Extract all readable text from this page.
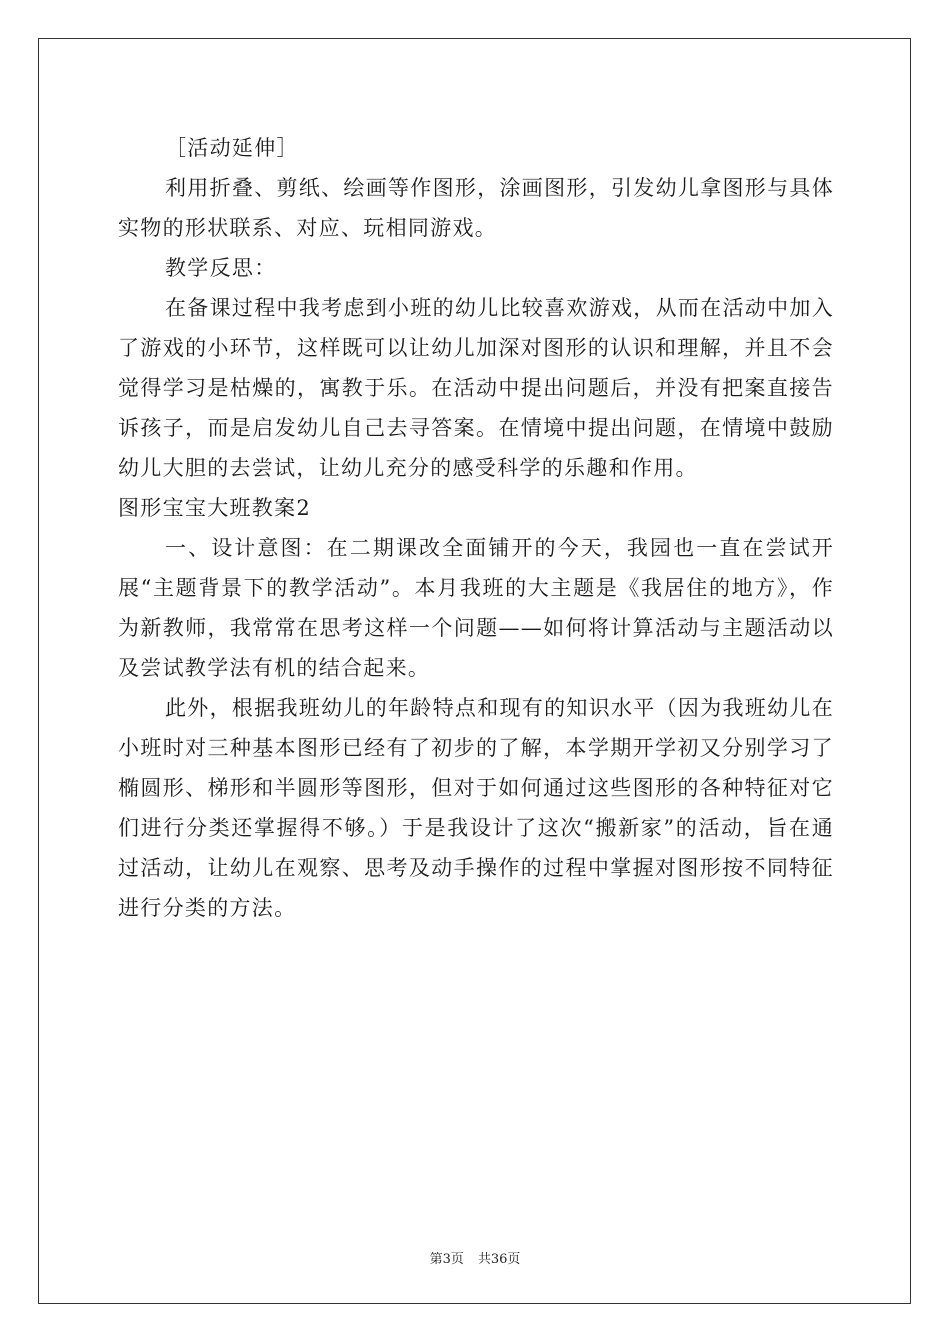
［活动延伸］

利用折叠、剪纸、绘画等作图形，涂画图形，引发幼儿拿图形与具体实物的形状联系、对应、玩相同游戏。

教学反思：

在备课过程中我考虑到小班的幼儿比较喜欢游戏，从而在活动中加入了游戏的小环节，这样既可以让幼儿加深对图形的认识和理解，并且不会觉得学习是枯燥的，寓教于乐。在活动中提出问题后，并没有把案直接告诉孩子，而是启发幼儿自己去寻答案。在情境中提出问题，在情境中鼓励幼儿大胆的去尝试，让幼儿充分的感受科学的乐趣和作用。

图形宝宝大班教案2

一、设计意图：在二期课改全面铺开的今天，我园也一直在尝试开展“主题背景下的教学活动”。本月我班的大主题是《我居住的地方》，作为新教师，我常常在思考这样一个问题——如何将计算活动与主题活动以及尝试教学法有机的结合起来。

此外，根据我班幼儿的年龄特点和现有的知识水平（因为我班幼儿在小班时对三种基本图形已经有了初步的了解，本学期开学初又分别学习了椭圆形、梯形和半圆形等图形，但对于如何通过这些图形的各种特征对它们进行分类还掌握得不够。）于是我设计了这次“搬新家”的活动，旨在通过活动，让幼儿在观察、思考及动手操作的过程中掌握对图形按不同特征进行分类的方法。

第3页 共36页
